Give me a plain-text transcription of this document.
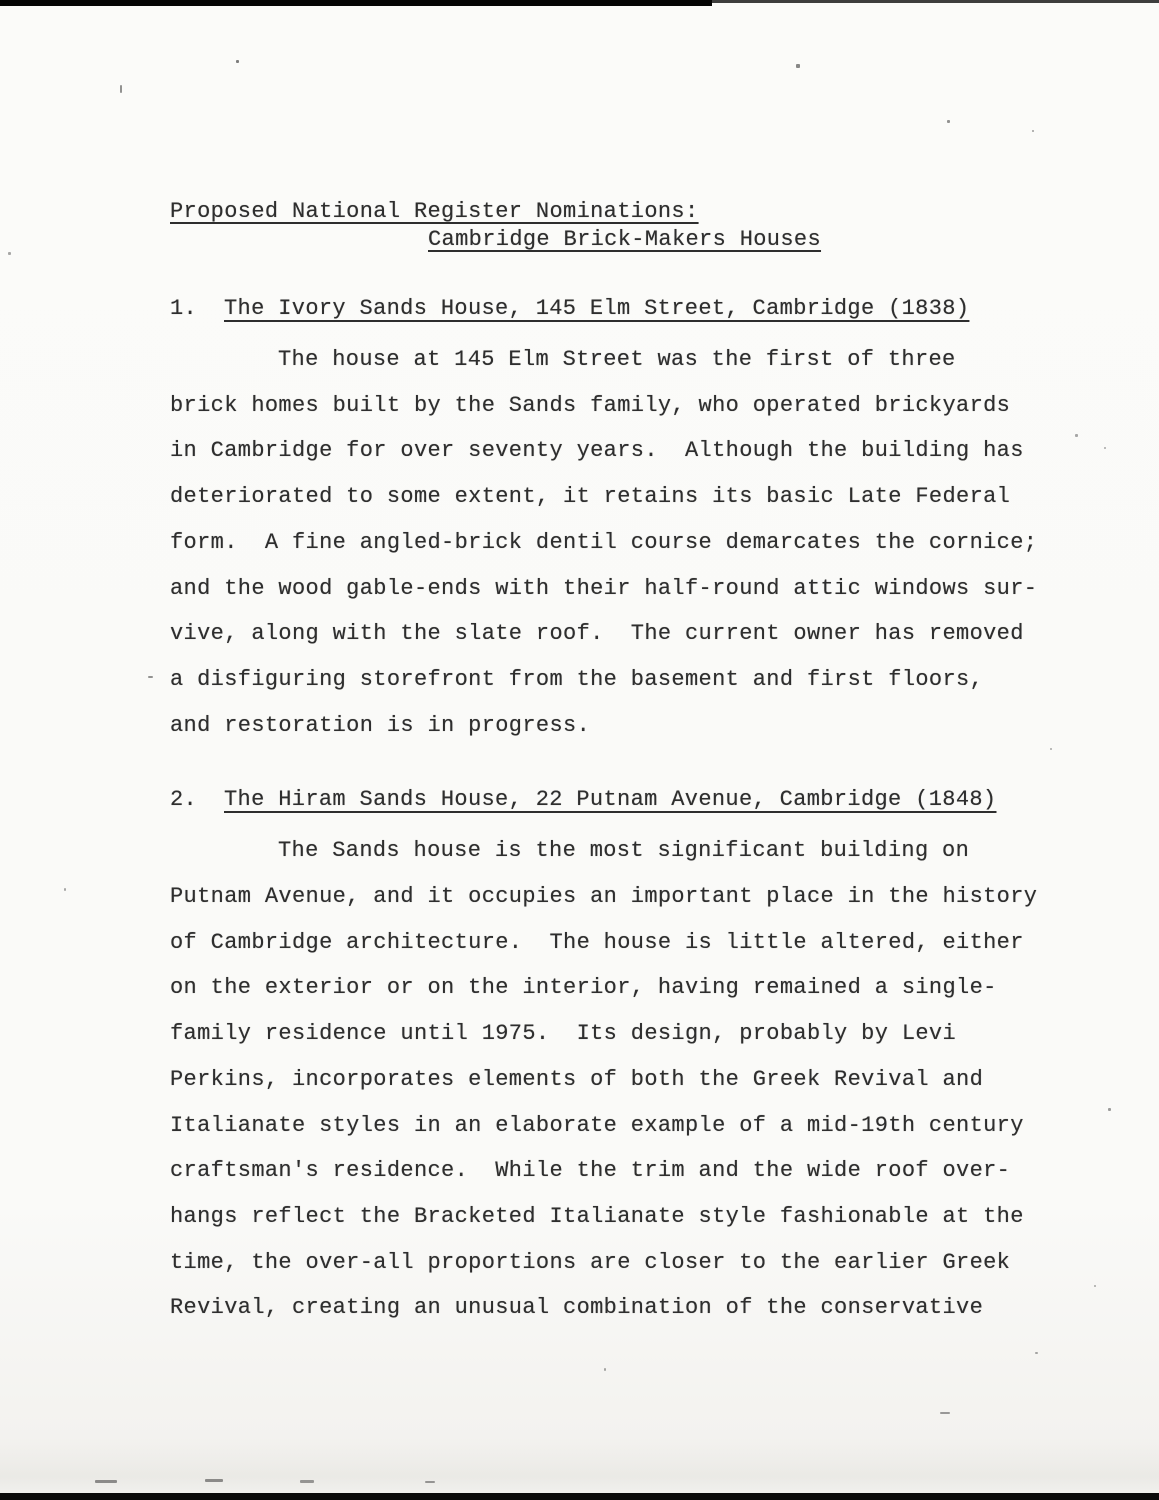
Proposed National Register Nominations:
Cambridge Brick-Makers Houses
1.	The Ivory Sands House, 145 Elm Street, Cambridge (1838)
The house at 145 Elm Street was the first of three
brick homes built by the Sands family, who operated brickyards
in Cambridge for over seventy years.  Although the building has
deteriorated to some extent, it retains its basic Late Federal
form.  A fine angled-brick dentil course demarcates the cornice;
and the wood gable-ends with their half-round attic windows sur-
vive, along with the slate roof.  The current owner has removed
a disfiguring storefront from the basement and first floors,
and restoration is in progress.
2.	The Hiram Sands House, 22 Putnam Avenue, Cambridge (1848)
The Sands house is the most significant building on
Putnam Avenue, and it occupies an important place in the history
of Cambridge architecture.  The house is little altered, either
on the exterior or on the interior, having remained a single-
family residence until 1975.  Its design, probably by Levi
Perkins, incorporates elements of both the Greek Revival and
Italianate styles in an elaborate example of a mid-19th century
craftsman's residence.  While the trim and the wide roof over-
hangs reflect the Bracketed Italianate style fashionable at the
time, the over-all proportions are closer to the earlier Greek
Revival, creating an unusual combination of the conservative
